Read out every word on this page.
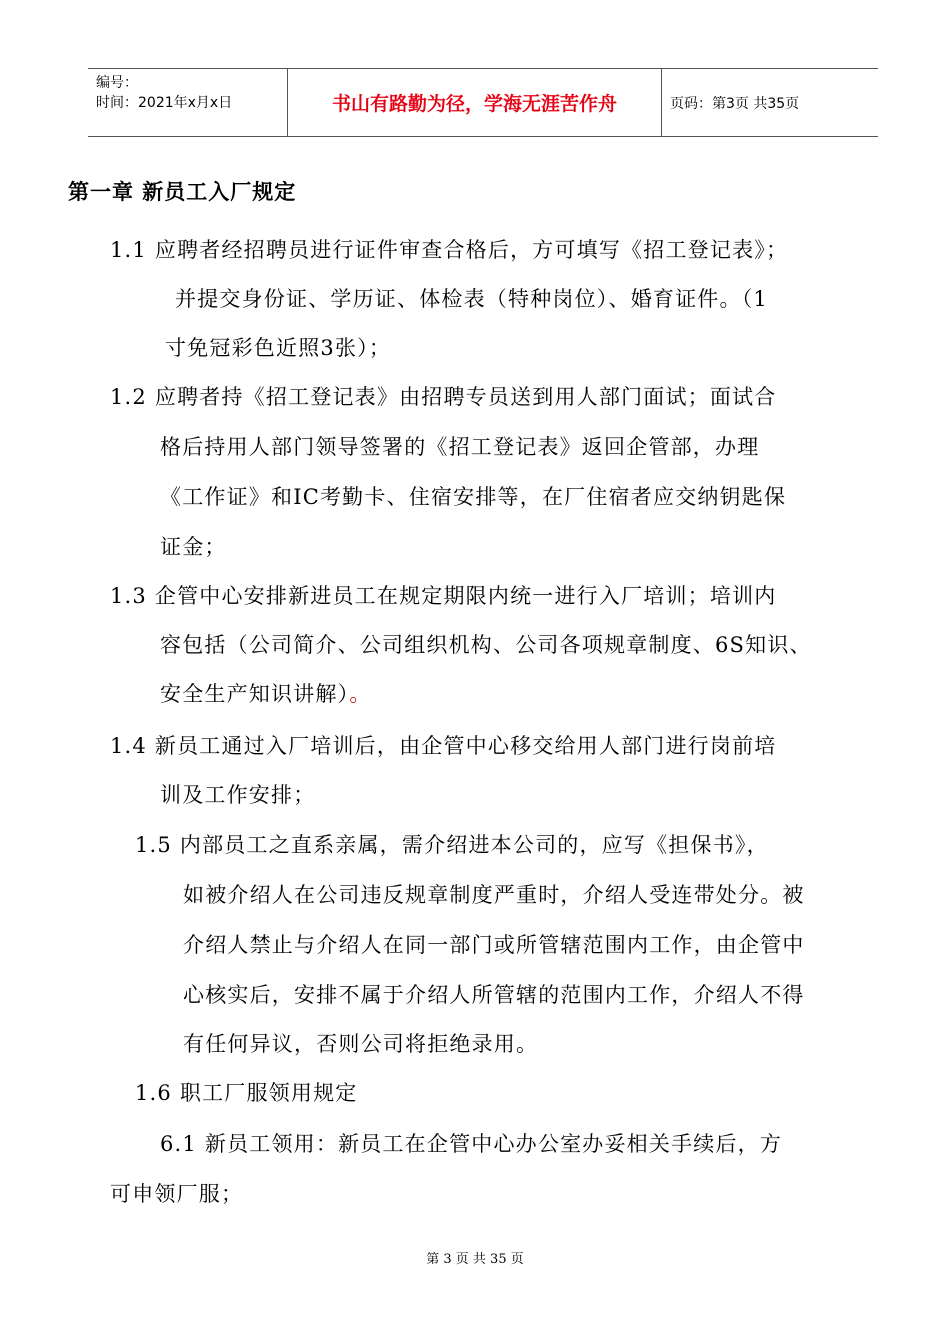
编号：
时间：2021年x月x日	书山有路勤为径，学海无涯苦作舟	页码：第3页 共35页
第一章 新员工入厂规定
1.1 应聘者经招聘员进行证件审查合格后，方可填写《招工登记表》；
并提交身份证、学历证、体检表（特种岗位）、婚育证件。（1
寸免冠彩色近照3张）；
1.2 应聘者持《招工登记表》由招聘专员送到用人部门面试；面试合
格后持用人部门领导签署的《招工登记表》返回企管部，办理
《工作证》和IC考勤卡、住宿安排等，在厂住宿者应交纳钥匙保
证金；
1.3 企管中心安排新进员工在规定期限内统一进行入厂培训；培训内
容包括（公司简介、公司组织机构、公司各项规章制度、6S知识、
安全生产知识讲解）。
1.4 新员工通过入厂培训后，由企管中心移交给用人部门进行岗前培
训及工作安排；
1.5 内部员工之直系亲属，需介绍进本公司的，应写《担保书》，
如被介绍人在公司违反规章制度严重时，介绍人受连带处分。被
介绍人禁止与介绍人在同一部门或所管辖范围内工作，由企管中
心核实后，安排不属于介绍人所管辖的范围内工作，介绍人不得
有任何异议，否则公司将拒绝录用。
1.6 职工厂服领用规定
6.1 新员工领用：新员工在企管中心办公室办妥相关手续后，方
可申领厂服；
第 3 页 共 35 页
